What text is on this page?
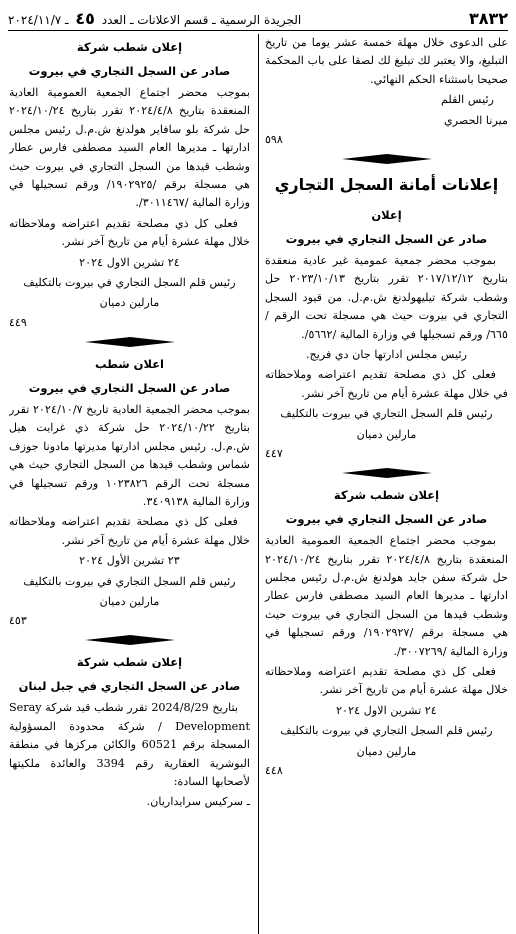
٣٨٣٢
الجريدة الرسمية ـ قسم الاعلانات ـ العدد ٤٥ ـ ٢٠٢٤/١١/٧

على الدعوى خلال مهلة خمسة عشر يوما من تاريخ التبليغ، والا يعتبر لك تبليغ لك لصقا على باب المحكمة صحيحا باستثناء الحكم النهائي.

رئيس القلم

ميرنا الحصري

٥٩٨

إعلانات أمانة السجل التجاري
إعلان
صادر عن السجل التجاري في بيروت

بموجب محضر جمعية عمومية غير عادية منعقدة بتاريخ ٢٠١٧/١٢/١٢ تقرر بتاريخ ٢٠٢٣/١٠/١٣ حل وشطب شركة تيليهولدنغ ش.م.ل. من قيود السجل التجاري في بيروت حيث هي مسجلة تحت الرقم /٦٦٥/ ورقم تسجيلها في وزارة المالية /٥٦٦٢/.

رئيس مجلس ادارتها جان دي فريج.

فعلى كل ذي مصلحة تقديم اعتراضه وملاحظاته في خلال مهلة عشرة أيام من تاريخ آخر نشر.

رئيس قلم السجل التجاري في بيروت بالتكليف

مارلين دميان

٤٤٧

إعلان شطب شركة
صادر عن السجل التجاري في بيروت

بموجب محضر اجتماع الجمعية العمومية العادية المنعقدة بتاريخ ٢٠٢٤/٤/٨ تقرر بتاريخ ٢٠٢٤/١٠/٢٤ حل شركة سفن جايد هولدنغ ش.م.ل رئيس مجلس ادارتها ـ مديرها العام السيد مصطفى فارس عطار وشطب قيدها من السجل التجاري في بيروت حيث هي مسجلة برقم /١٩٠٢٩٢٧/ ورقم تسجيلها في وزارة المالية /٣٠٠٧٢٦٩/.

فعلى كل ذي مصلحة تقديم اعتراضه وملاحظاته خلال مهلة عشرة أيام من تاريخ آخر نشر.

٢٤ تشرين الاول ٢٠٢٤

رئيس قلم السجل التجاري في بيروت بالتكليف

مارلين دميان

٤٤٨

إعلان شطب شركة
صادر عن السجل التجاري في بيروت

بموجب محضر اجتماع الجمعية العمومية العادية المنعقدة بتاريخ ٢٠٢٤/٤/٨ تقرر بتاريخ ٢٠٢٤/١٠/٢٤ حل شركة بلو سافاير هولدنغ ش.م.ل رئيس مجلس ادارتها ـ مديرها العام السيد مصطفى فارس عطار وشطب قيدها من السجل التجاري في بيروت حيث هي مسجلة برقم /١٩٠٢٩٢٥/ ورقم تسجيلها في وزارة المالية /٣٠١١٤٦٧/.

فعلى كل ذي مصلحة تقديم اعتراضه وملاحظاته خلال مهلة عشرة أيام من تاريخ آخر نشر.

٢٤ تشرين الاول ٢٠٢٤

رئيس قلم السجل التجاري في بيروت بالتكليف

مارلين دميان

٤٤٩

اعلان شطب
صادر عن السجل التجاري في بيروت

بموجب محضر الجمعية العادية تاريخ ٢٠٢٤/١٠/٧ تقرر بتاريخ ٢٠٢٤/١٠/٢٢ حل شركة ذي غرايت هيل ش.م.ل. رئيس مجلس ادارتها مديرتها مادونا جوزف شماس وشطب قيدها من السجل التجاري حيث هي مسجلة تحت الرقم ١٠٢٣٨٢٦ ورقم تسجيلها في وزارة المالية ٣٤٠٩١٣٨.

فعلى كل ذي مصلحة تقديم اعتراضه وملاحظاته خلال مهلة عشرة أيام من تاريخ آخر نشر.

٢٣ تشرين الأول ٢٠٢٤

رئيس قلم السجل التجاري في بيروت بالتكليف

مارلين دميان

٤٥٣

إعلان شطب شركة
صادر عن السجل التجاري في جبل لبنان

بتاريخ 2024/8/29 تقرر شطب قيد شركة Seray Development / شركة محدودة المسؤولية المسجلة برقم 60521 والكائن مركزها في منطقة البوشرية العقارية رقم 3394 والعائدة ملكيتها لأصحابها السادة:

ـ سركيس سرايداريان.
